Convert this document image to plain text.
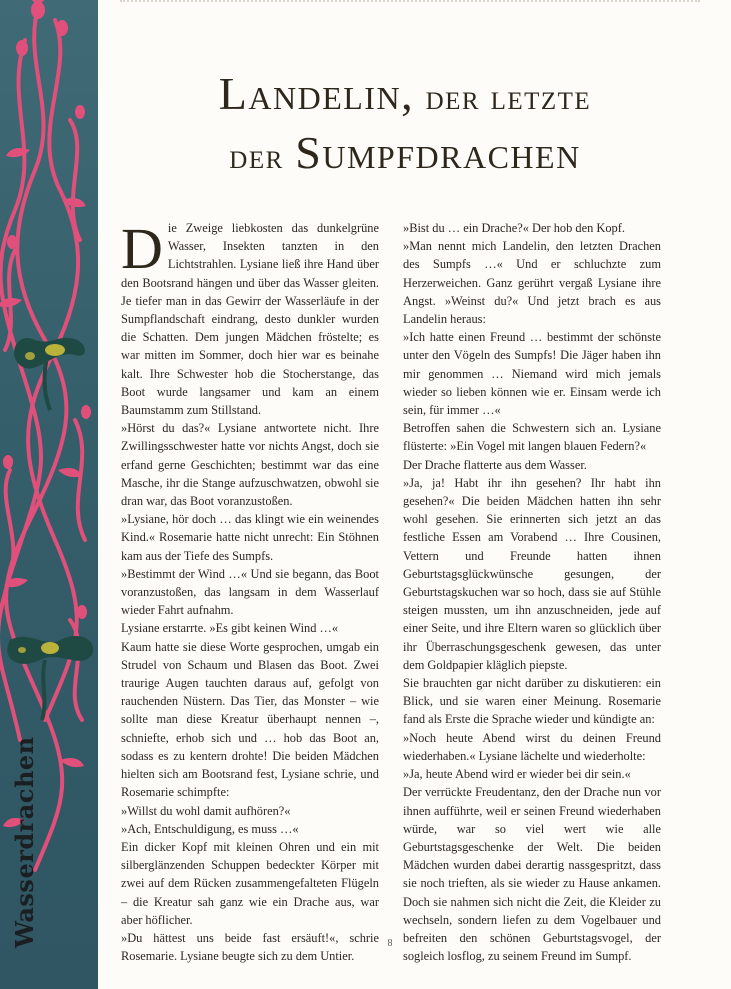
Wasserdrachen
Landelin, der letzte
der Sumpfdrachen

Die Zweige liebkosten das dunkelgrüne Wasser, Insekten tanzten in den Lichtstrahlen. Lysiane ließ ihre Hand über den Bootsrand hängen und über das Wasser gleiten. Je tiefer man in das Gewirr der Wasserläufe in der Sumpflandschaft eindrang, desto dunkler wurden die Schatten. Dem jungen Mädchen fröstelte; es war mitten im Sommer, doch hier war es beinahe kalt. Ihre Schwester hob die Stocherstange, das Boot wurde langsamer und kam an einem Baumstamm zum Stillstand.

»Hörst du das?« Lysiane antwortete nicht. Ihre Zwillingsschwester hatte vor nichts Angst, doch sie erfand gerne Geschichten; bestimmt war das eine Masche, ihr die Stange aufzuschwatzen, obwohl sie dran war, das Boot voranzustoßen.

»Lysiane, hör doch … das klingt wie ein weinendes Kind.« Rosemarie hatte nicht unrecht: Ein Stöhnen kam aus der Tiefe des Sumpfs.

»Bestimmt der Wind …« Und sie begann, das Boot voranzustoßen, das langsam in dem Wasserlauf wieder Fahrt aufnahm.

Lysiane erstarrte. »Es gibt keinen Wind …«

Kaum hatte sie diese Worte gesprochen, umgab ein Strudel von Schaum und Blasen das Boot. Zwei traurige Augen tauchten daraus auf, gefolgt von rauchenden Nüstern. Das Tier, das Monster – wie sollte man diese Kreatur überhaupt nennen –, schniefte, erhob sich und … hob das Boot an, sodass es zu kentern drohte! Die beiden Mädchen hielten sich am Bootsrand fest, Lysiane schrie, und Rosemarie schimpfte:

»Willst du wohl damit aufhören?«

»Ach, Entschuldigung, es muss …«

Ein dicker Kopf mit kleinen Ohren und ein mit silberglänzenden Schuppen bedeckter Körper mit zwei auf dem Rücken zusammengefalteten Flügeln – die Kreatur sah ganz wie ein Drache aus, war aber höflicher.

»Du hättest uns beide fast ersäuft!«, schrie Rosemarie. Lysiane beugte sich zu dem Untier.

»Bist du … ein Drache?« Der hob den Kopf.

»Man nennt mich Landelin, den letzten Drachen des Sumpfs …« Und er schluchzte zum Herzerweichen. Ganz gerührt vergaß Lysiane ihre Angst. »Weinst du?« Und jetzt brach es aus Landelin heraus:

»Ich hatte einen Freund … bestimmt der schönste unter den Vögeln des Sumpfs! Die Jäger haben ihn mir genommen … Niemand wird mich jemals wieder so lieben können wie er. Einsam werde ich sein, für immer …«

Betroffen sahen die Schwestern sich an. Lysiane flüsterte: »Ein Vogel mit langen blauen Federn?«

Der Drache flatterte aus dem Wasser.

»Ja, ja! Habt ihr ihn gesehen? Ihr habt ihn gesehen?« Die beiden Mädchen hatten ihn sehr wohl gesehen. Sie erinnerten sich jetzt an das festliche Essen am Vorabend … Ihre Cousinen, Vettern und Freunde hatten ihnen Geburtstagsglückwünsche gesungen, der Geburtstagskuchen war so hoch, dass sie auf Stühle steigen mussten, um ihn anzuschneiden, jede auf einer Seite, und ihre Eltern waren so glücklich über ihr Überraschungsgeschenk gewesen, das unter dem Goldpapier kläglich piepste.

Sie brauchten gar nicht darüber zu diskutieren: ein Blick, und sie waren einer Meinung. Rosemarie fand als Erste die Sprache wieder und kündigte an:

»Noch heute Abend wirst du deinen Freund wiederhaben.« Lysiane lächelte und wiederholte:

»Ja, heute Abend wird er wieder bei dir sein.«

Der verrückte Freudentanz, den der Drache nun vor ihnen aufführte, weil er seinen Freund wiederhaben würde, war so viel wert wie alle Geburtstagsgeschenke der Welt. Die beiden Mädchen wurden dabei derartig nassgespritzt, dass sie noch trieften, als sie wieder zu Hause ankamen. Doch sie nahmen sich nicht die Zeit, die Kleider zu wechseln, sondern liefen zu dem Vogelbauer und befreiten den schönen Geburtstagsvogel, der sogleich losflog, zu seinem Freund im Sumpf.

8
